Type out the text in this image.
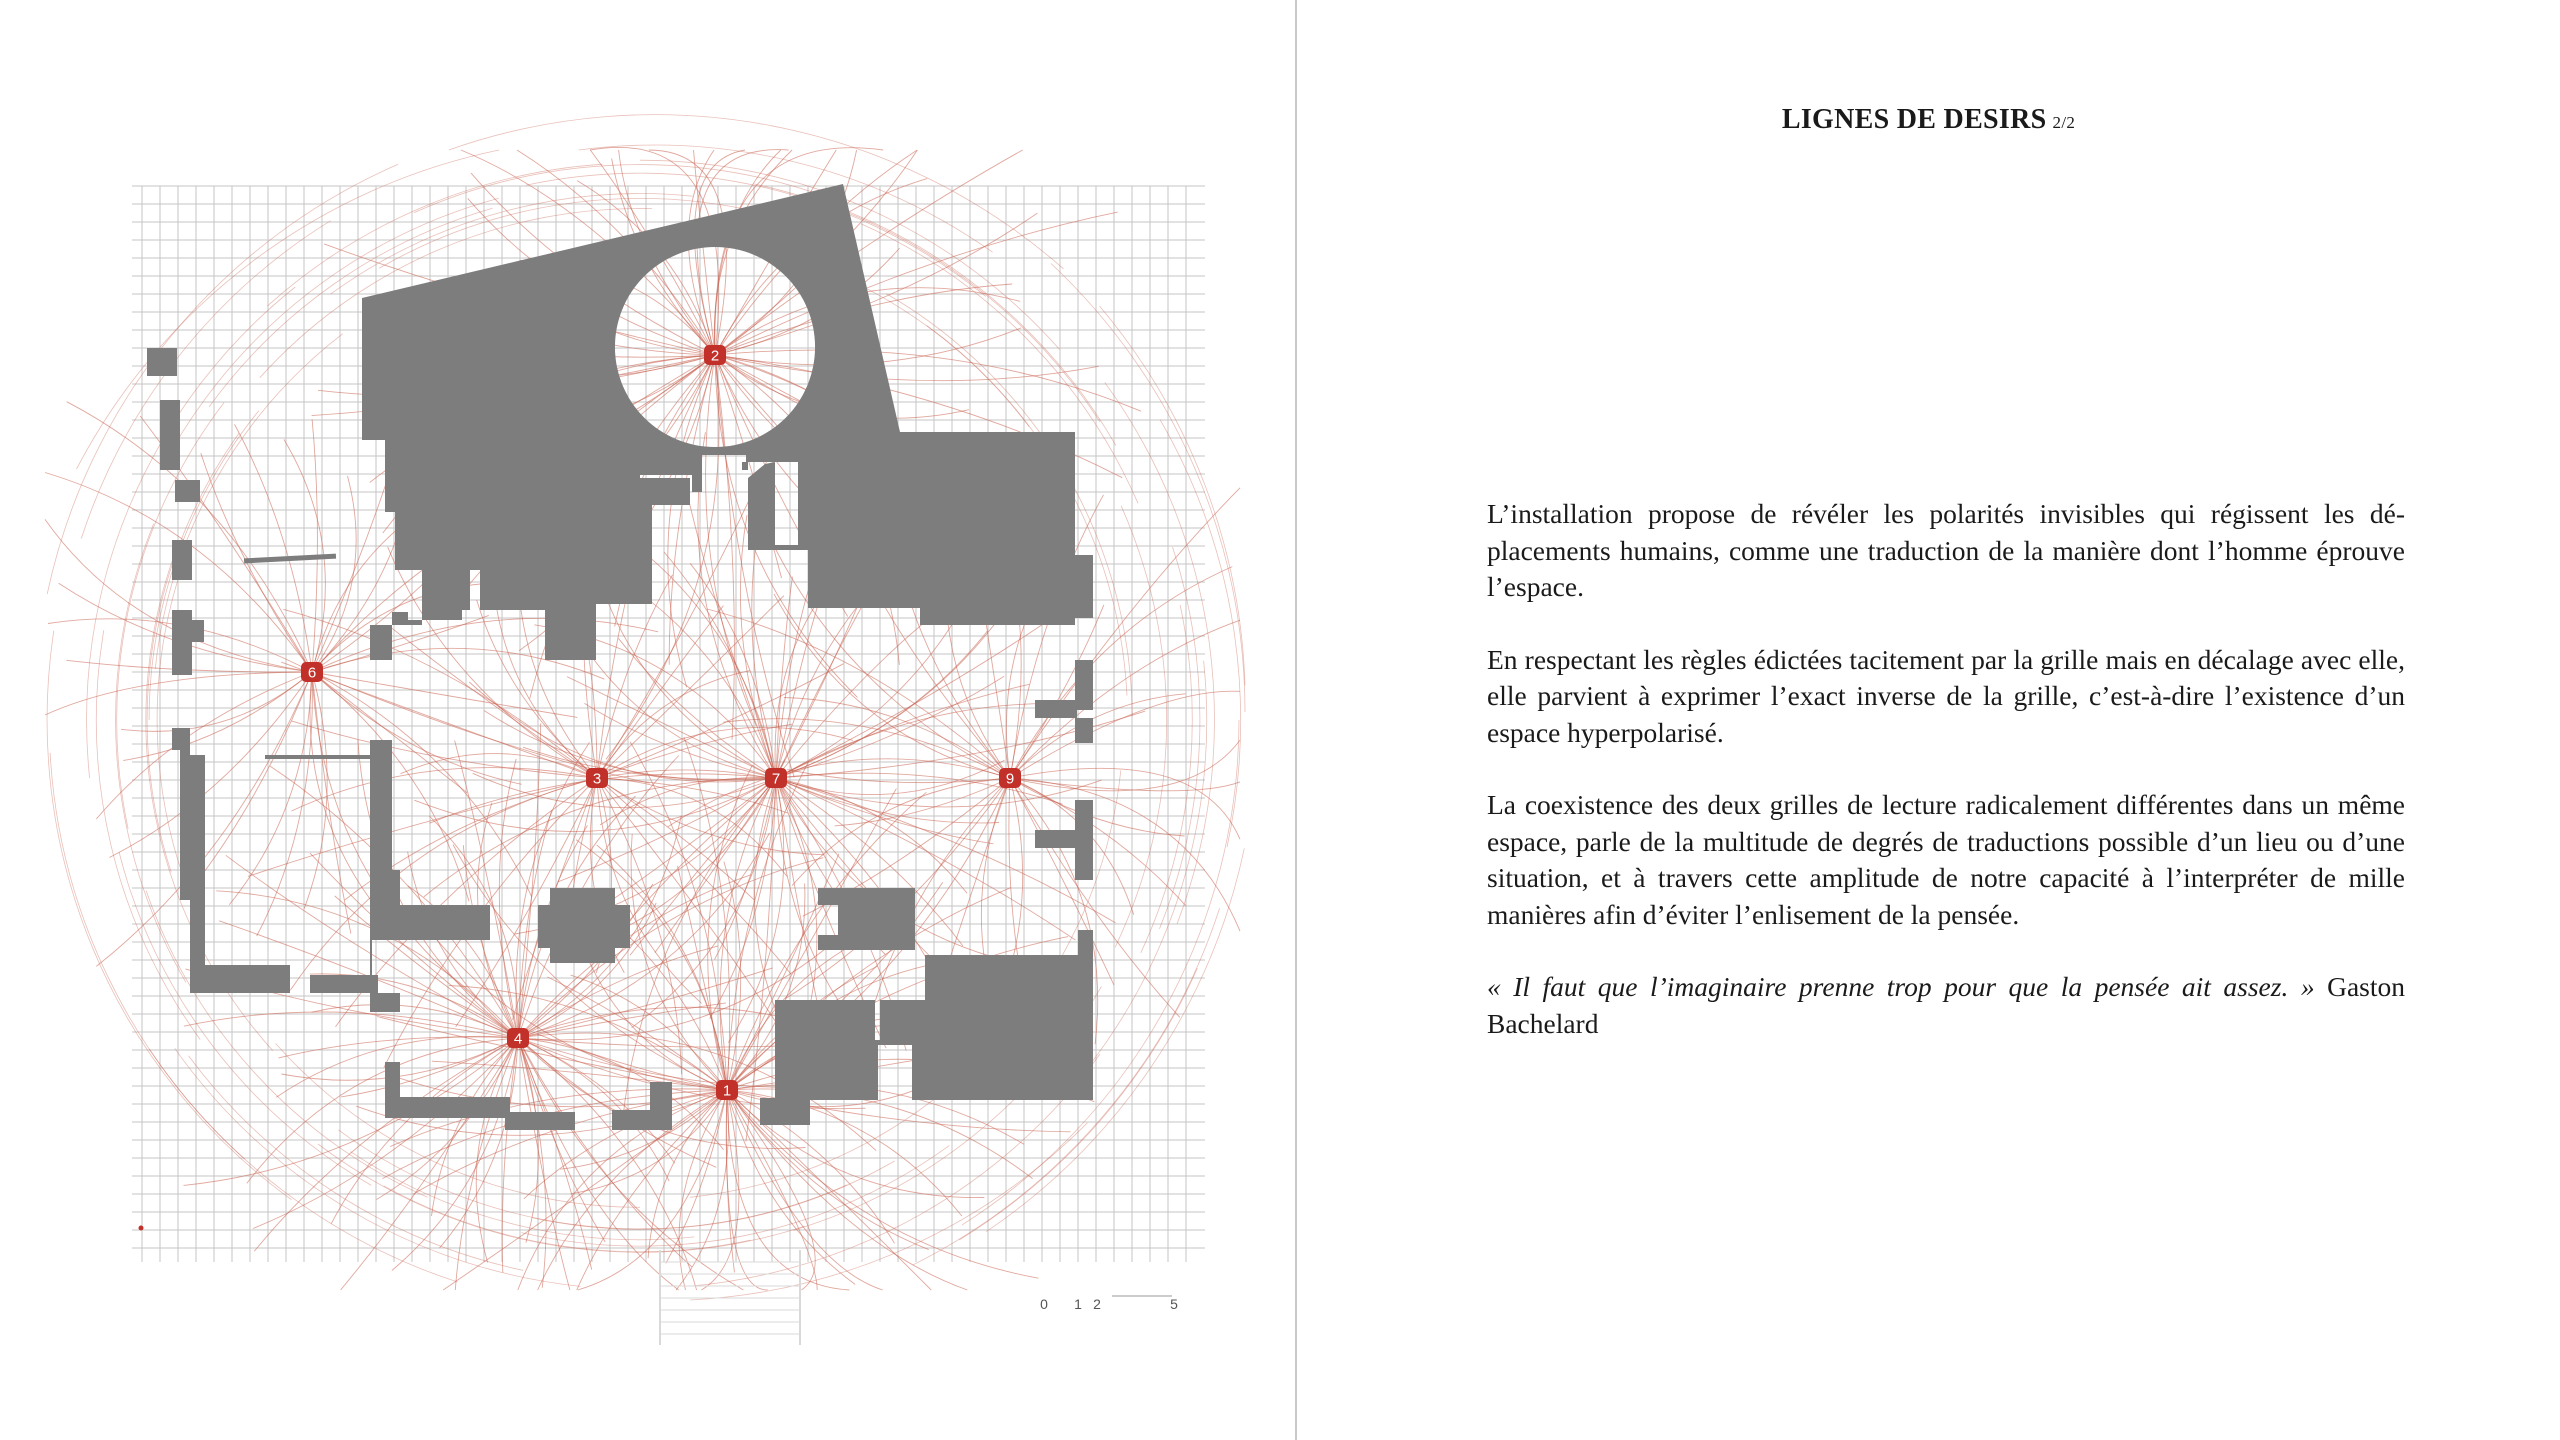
6
3	7	9
4
1
2
0 1 2	5
LIGNES DE DESIRS 2/2

L’installation propose de révéler les polarités invisibles qui régissent les déplacements humains, comme une traduction de la manière dont l’homme éprouve l’espace.

En respectant les règles édictées tacitement par la grille mais en décalage avec elle, elle parvient à exprimer l’exact inverse de la grille, c’est-à-dire l’existence d’un espace hyperpolarisé.

La coexistence des deux grilles de lecture radicalement différentes dans un même espace, parle de la multitude de degrés de traductions possible d’un lieu ou d’une situation, et à travers cette amplitude de notre capacité à l’interpréter de mille manières afin d’éviter l’enlisement de la pensée.

« Il faut que l’imaginaire prenne trop pour que la pensée ait assez. » Gaston Bachelard
